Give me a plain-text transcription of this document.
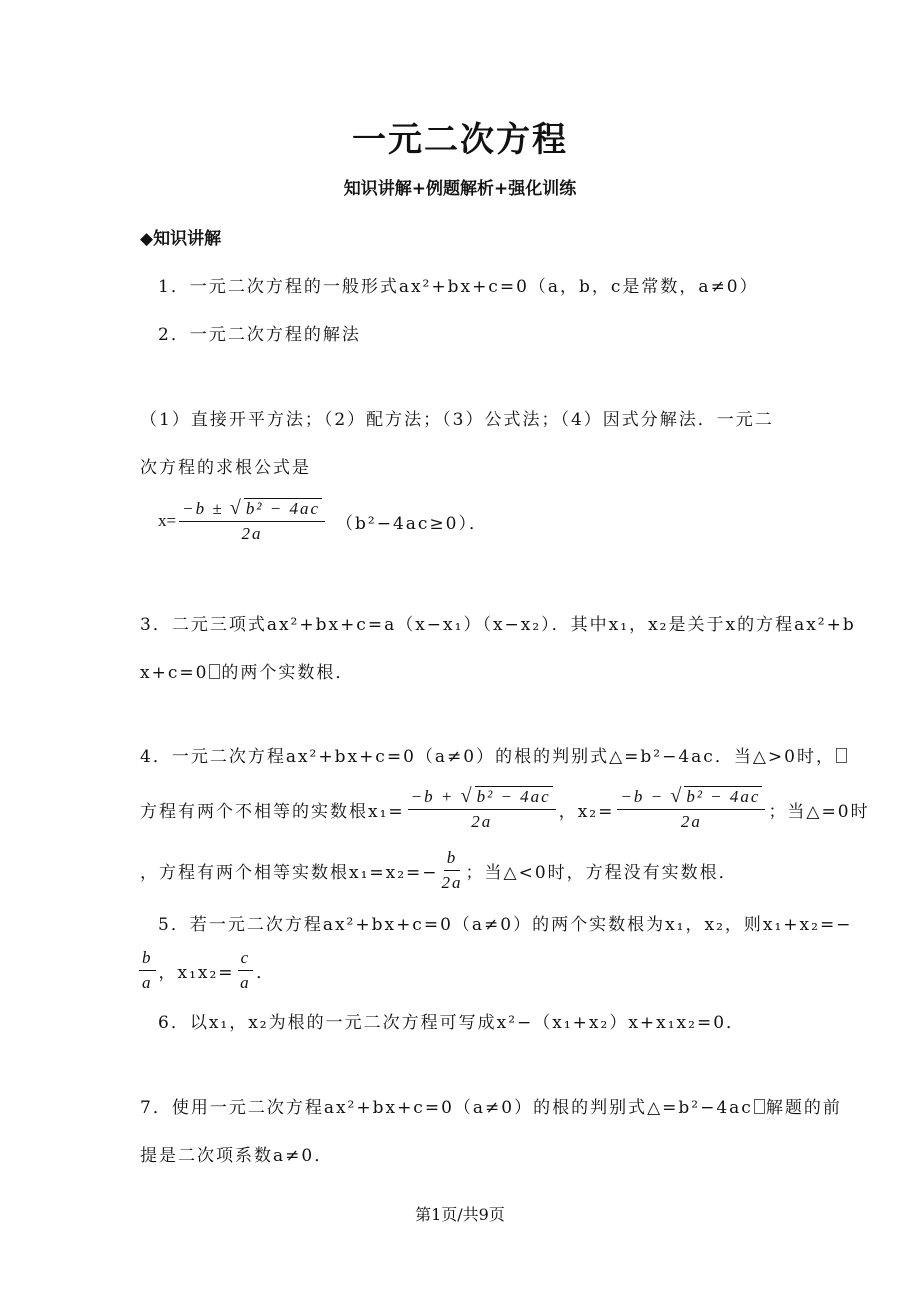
一元二次方程
知识讲解+例题解析+强化训练
◆知识讲解
1．一元二次方程的一般形式ax²+bx+c=0（a，b，c是常数，a≠0）
2．一元二次方程的解法
（1）直接开平方法；（2）配方法；（3）公式法；（4）因式分解法．一元二
次方程的求根公式是
$x= \frac{\text{−b ± √ b² − 4ac}}{2a} (b^2-4ac\ge 0)$．
3．二元三项式ax²+bx+c=a（x−x₁）（x−x₂）．其中x₁，x₂是关于x的方程ax²+b
x+c=0 的两个实数根．
4．一元二次方程ax²+bx+c=0（a≠0）的根的判别式△=b²−4ac．当△>0时，
方程有两个不相等的实数根$x_1= \frac{\text{−b + √ b² − 4ac}}{2a}$ ，$x_2= \frac{\text{−b − √ b² − 4ac}}{2a}$ ；当△=0时
，方程有两个相等实数根$x_1=x_2=- \frac{b}{2a}$ ；当△<0时，方程没有实数根．
5．若一元二次方程ax²+bx+c=0（a≠0）的两个实数根为x₁，x₂，则x₁+x₂=−
$\frac{b}{a}$ ，$x_1x_2= \frac{c}{a}$ ．
6．以x₁，x₂为根的一元二次方程可写成x²−（x₁+x₂）x+x₁x₂=0．
7．使用一元二次方程ax²+bx+c=0（a≠0）的根的判别式△=b²−4ac 解题的前
提是二次项系数a≠0．
第1页/共9页
